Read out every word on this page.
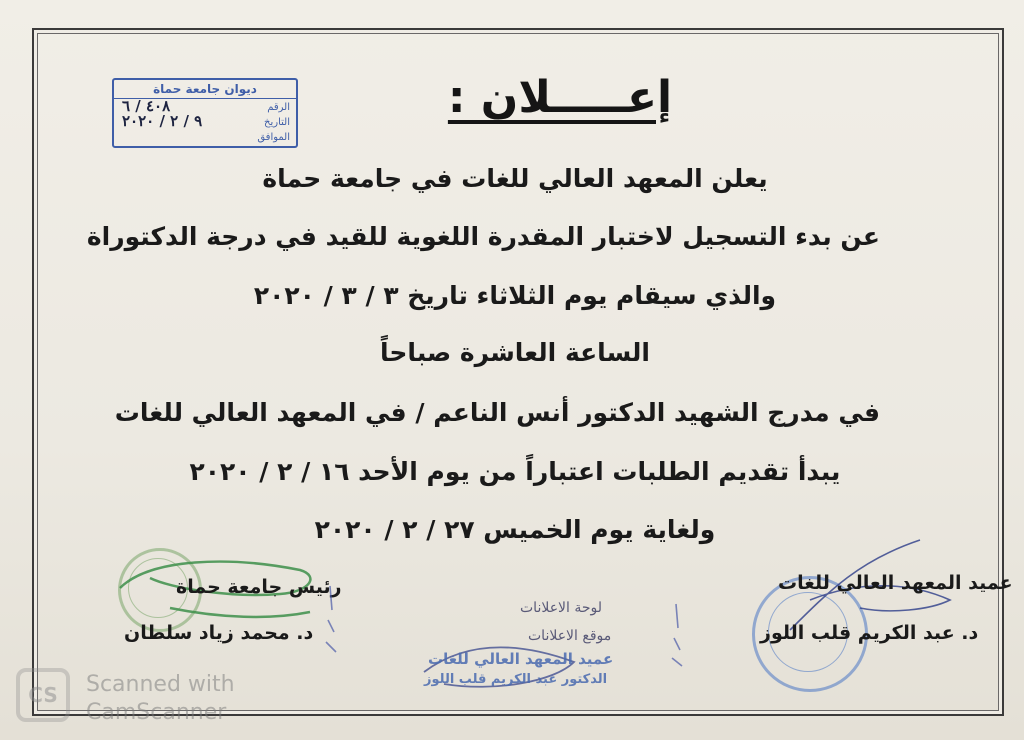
ديوان جامعة حماة
الرقم
٤٠٨ / ٦
التاريخ
٩ / ٢ / ٢٠٢٠
الموافق
إعـــــلان :
يعلن المعهد العالي للغات في جامعة حماة
عن بدء التسجيل لاختبار المقدرة اللغوية للقيد في درجة الدكتوراة
والذي سيقام يوم الثلاثاء تاريخ ٣ / ٣ / ٢٠٢٠
الساعة العاشرة صباحاً
في مدرج الشهيد الدكتور أنس الناعم / في المعهد العالي للغات
يبدأ تقديم الطلبات اعتباراً من يوم الأحد ١٦ / ٢ / ٢٠٢٠
ولغاية يوم الخميس ٢٧ / ٢ / ٢٠٢٠
رئيس جامعة حماة
د. محمد زياد سلطان
عميد المعهد العالي للغات
د. عبد الكريم قلب اللوز
لوحة الاعلانات
موقع الاعلانات
عميد المعهد العالي للغات
الدكتور عبد الكريم قلب اللوز
CS	Scanned with
CamScanner
